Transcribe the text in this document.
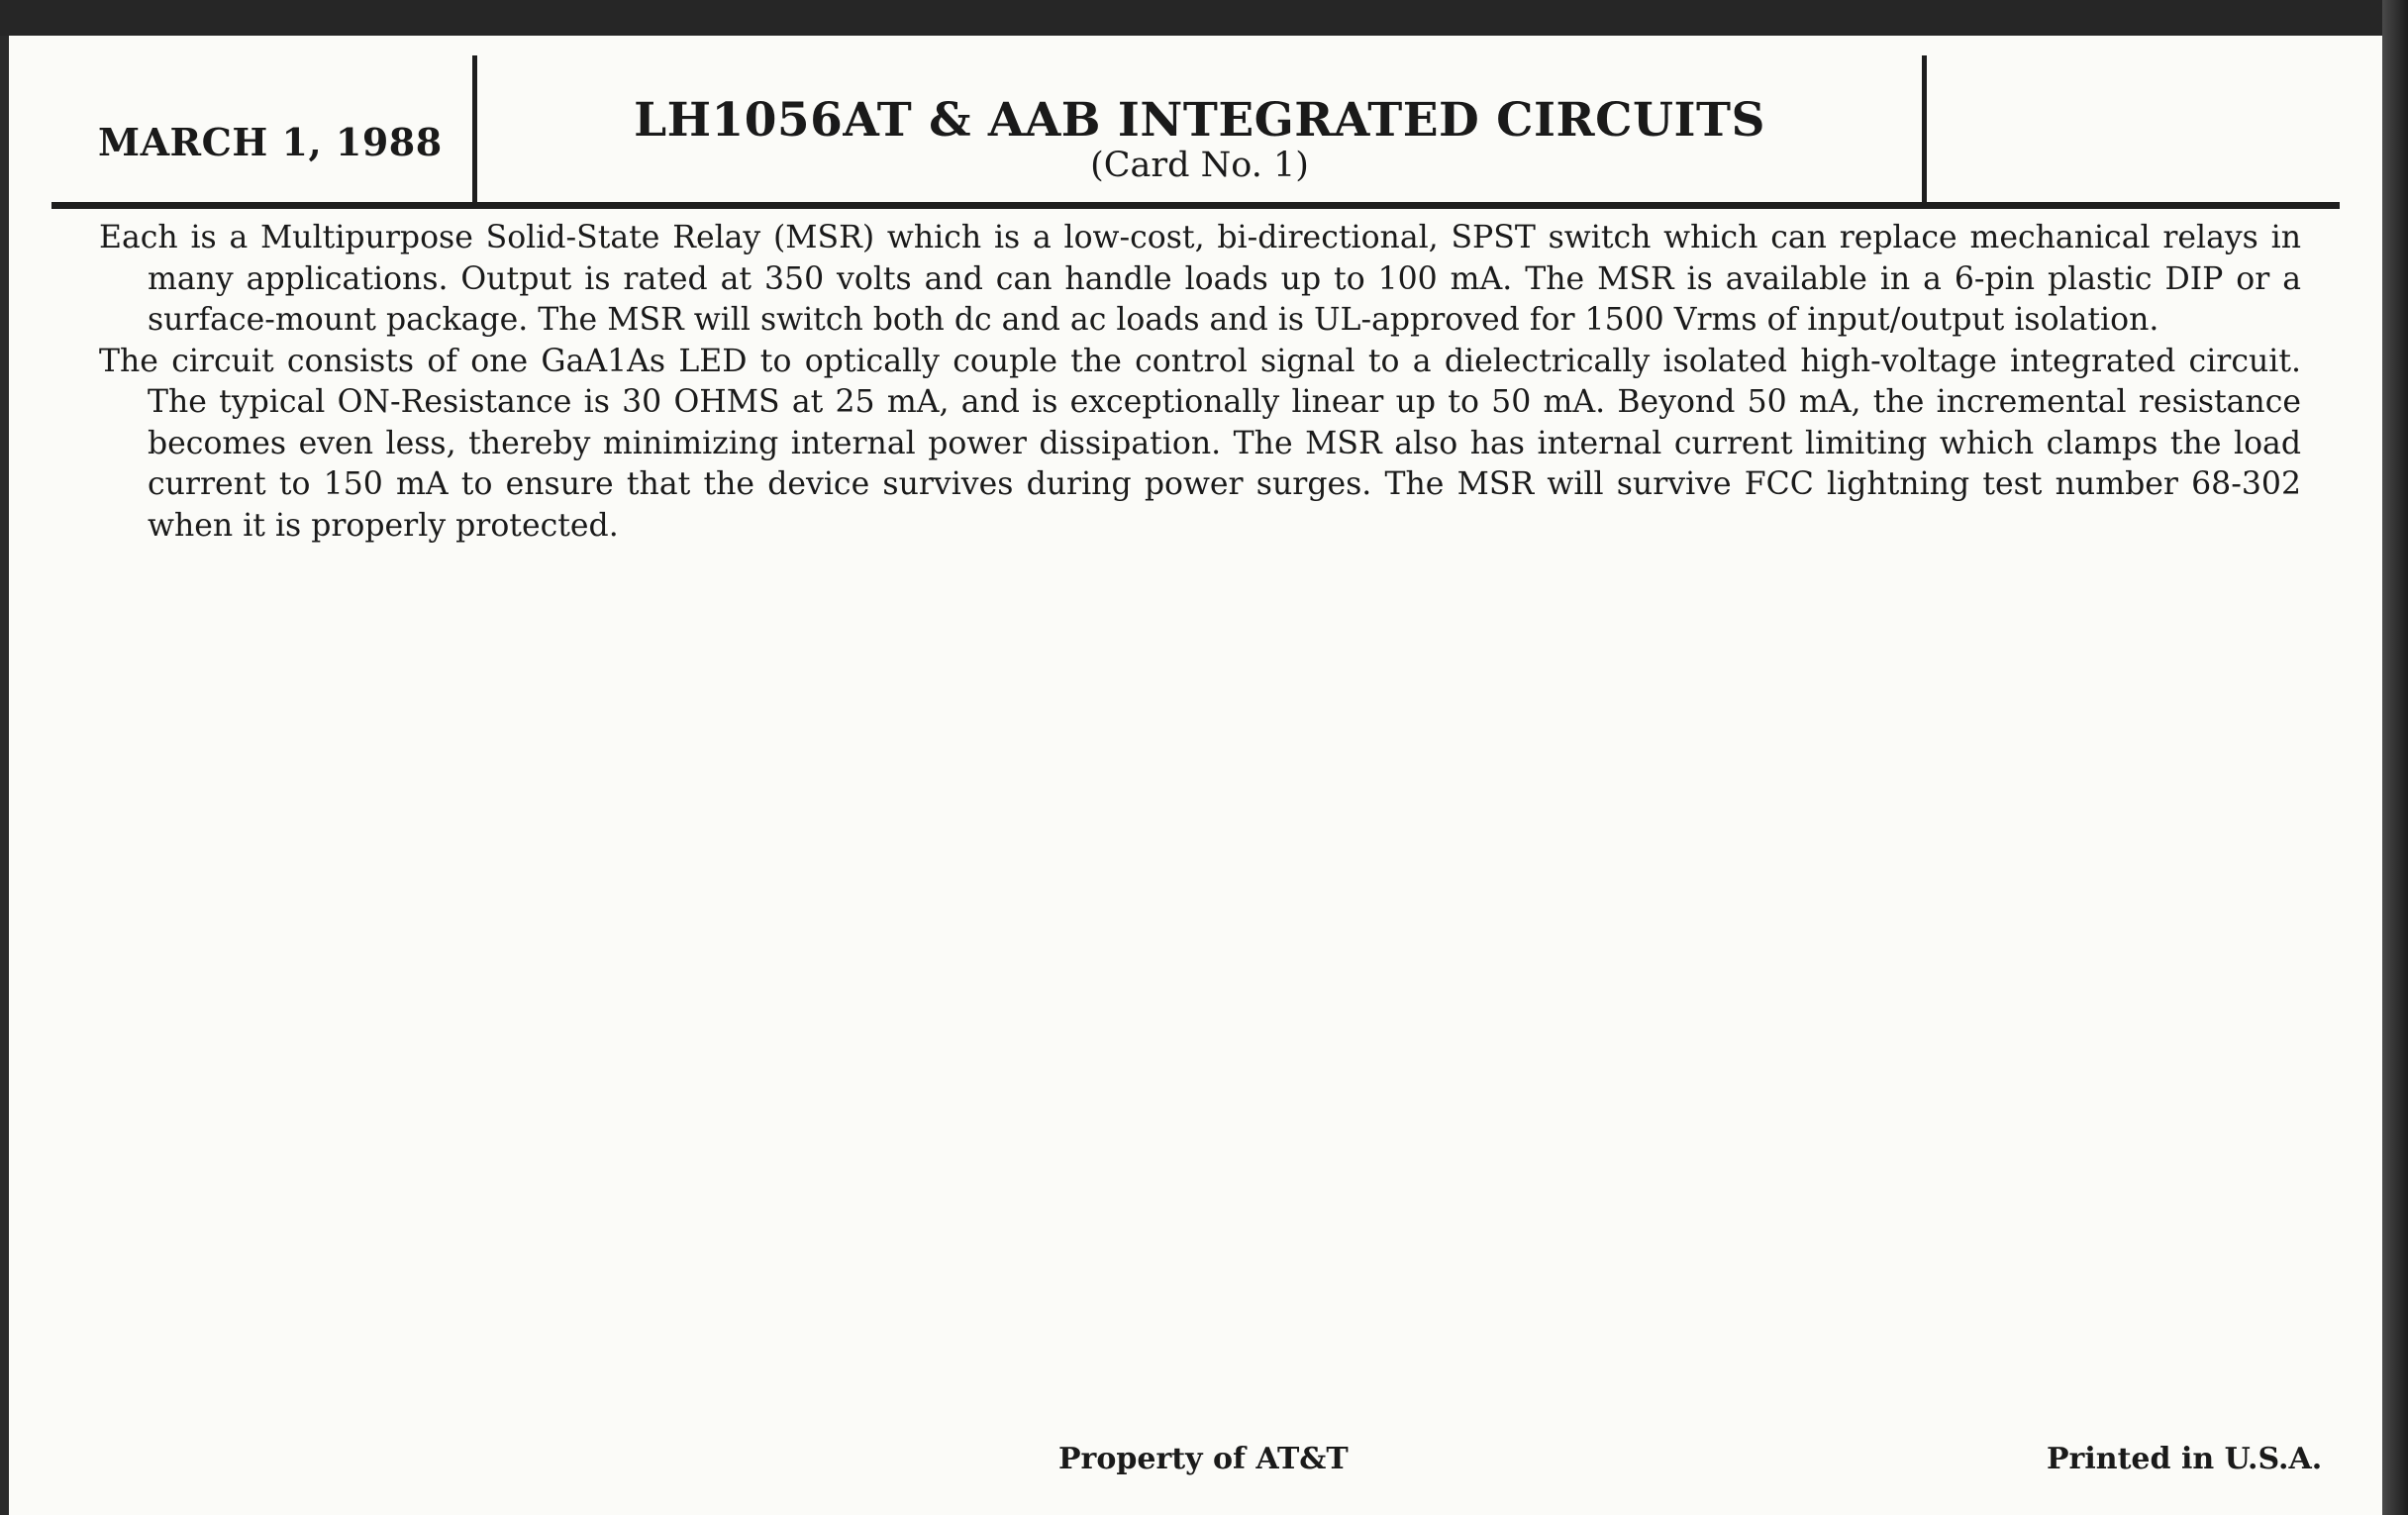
MARCH 1, 1988	LH1056AT & AAB INTEGRATED CIRCUITS
(Card No. 1)

Each is a Multipurpose Solid-State Relay (MSR) which is a low-cost, bi-directional, SPST switch which can replace mechanical relays in many applications. Output is rated at 350 volts and can handle loads up to 100 mA. The MSR is available in a 6-pin plastic DIP or a surface-mount package. The MSR will switch both dc and ac loads and is UL-approved for 1500 Vrms of input/output isolation.

The circuit consists of one GaA1As LED to optically couple the control signal to a dielectrically isolated high-voltage integrated circuit. The typical ON-Resistance is 30 OHMS at 25 mA, and is exceptionally linear up to 50 mA. Beyond 50 mA, the incremental resistance becomes even less, thereby minimizing internal power dissipation. The MSR also has internal current limiting which clamps the load current to 150 mA to ensure that the device survives during power surges. The MSR will survive FCC lightning test number 68-302 when it is properly protected.

Property of AT&T	Printed in U.S.A.
